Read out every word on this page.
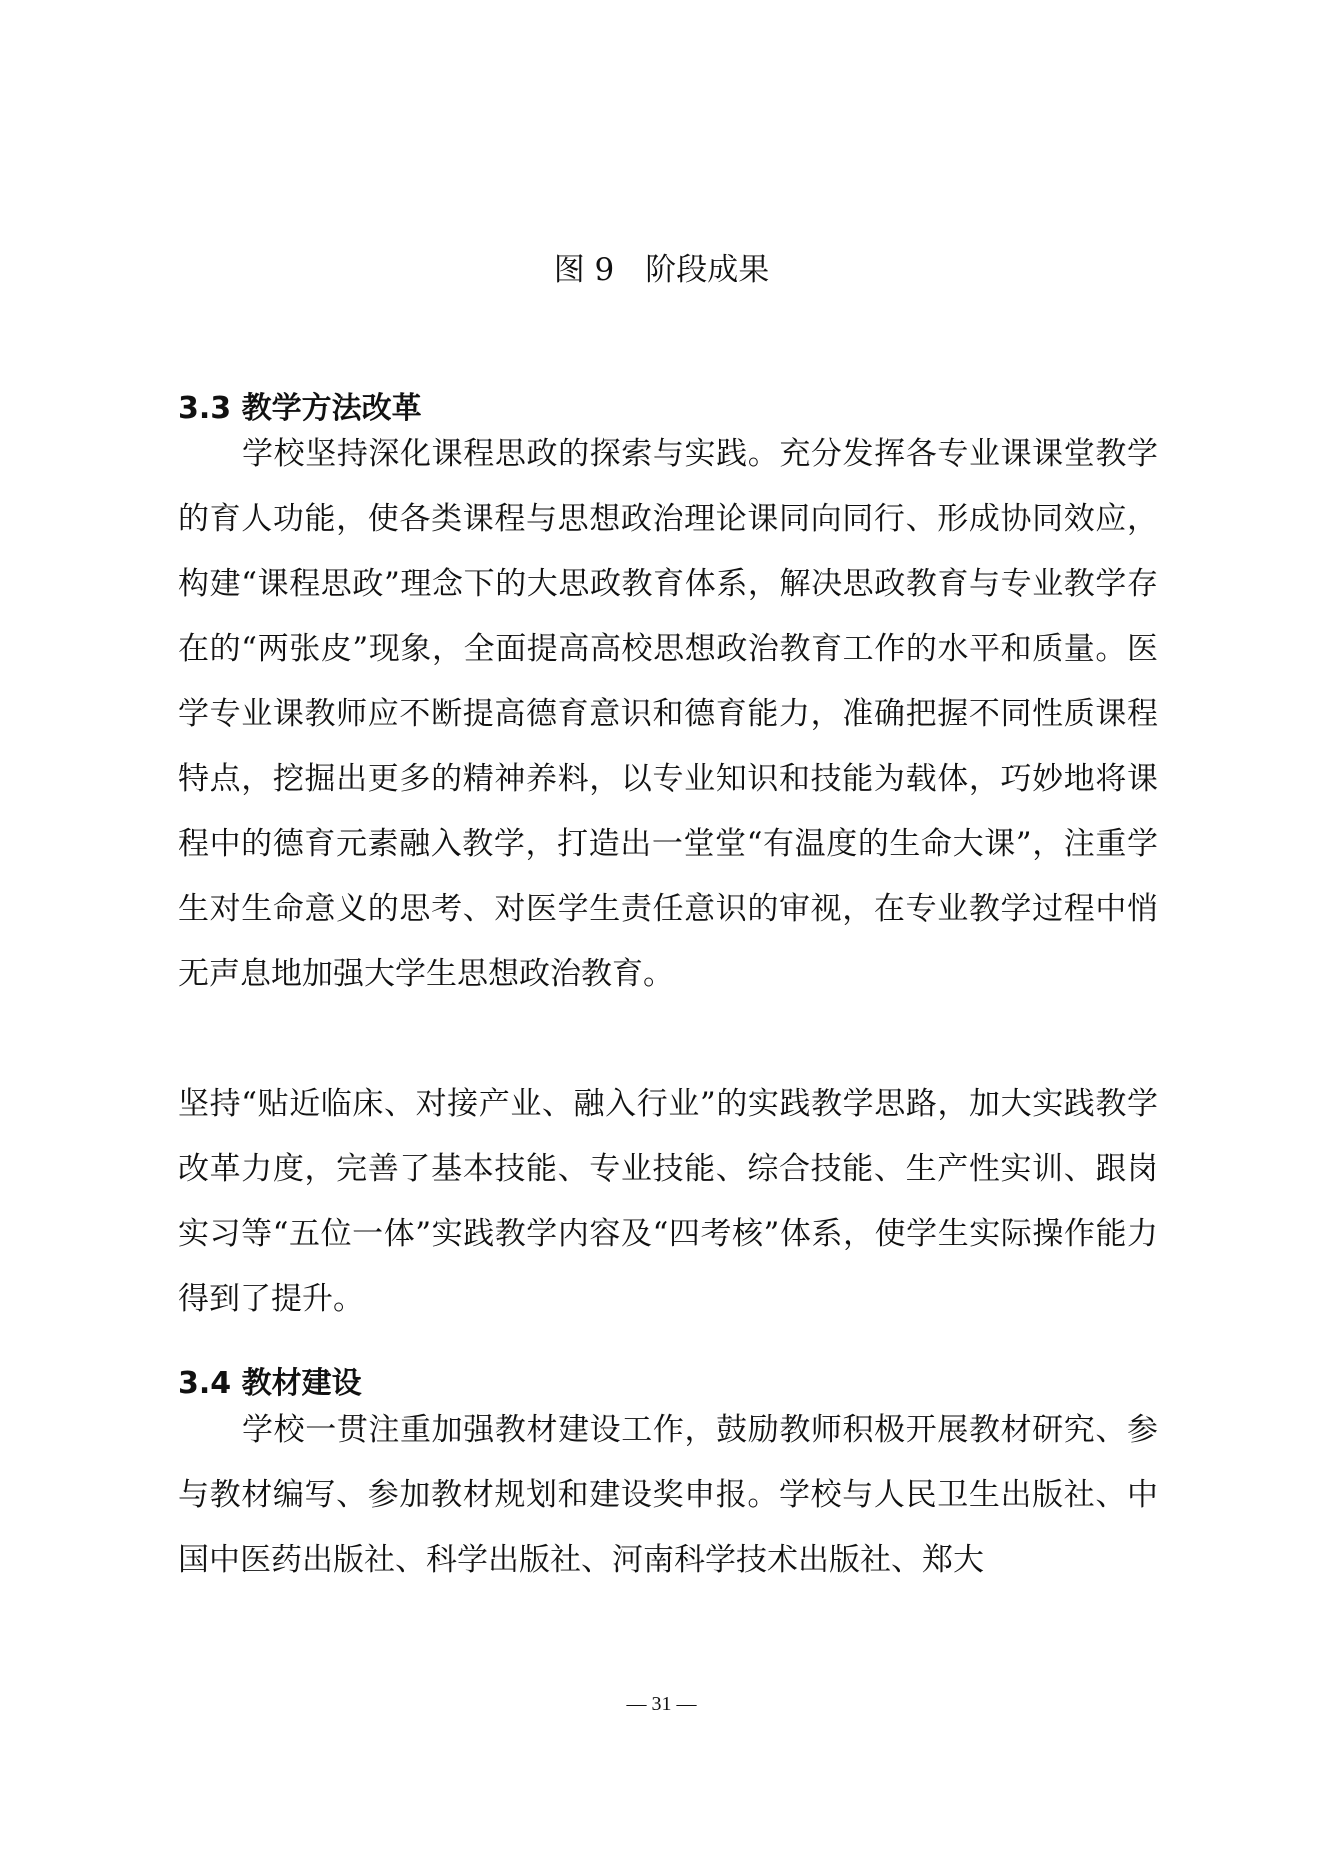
图 9　阶段成果
3.3 教学方法改革

学校坚持深化课程思政的探索与实践。充分发挥各专业课课堂教学的育人功能，使各类课程与思想政治理论课同向同行、形成协同效应，构建“课程思政”理念下的大思政教育体系，解决思政教育与专业教学存在的“两张皮”现象，全面提高高校思想政治教育工作的水平和质量。医学专业课教师应不断提高德育意识和德育能力，准确把握不同性质课程特点，挖掘出更多的精神养料，以专业知识和技能为载体，巧妙地将课程中的德育元素融入教学，打造出一堂堂“有温度的生命大课”，注重学生对生命意义的思考、对医学生责任意识的审视，在专业教学过程中悄无声息地加强大学生思想政治教育。

坚持“贴近临床、对接产业、融入行业”的实践教学思路，加大实践教学改革力度，完善了基本技能、专业技能、综合技能、生产性实训、跟岗实习等“五位一体”实践教学内容及“四考核”体系，使学生实际操作能力得到了提升。

3.4 教材建设

学校一贯注重加强教材建设工作，鼓励教师积极开展教材研究、参与教材编写、参加教材规划和建设奖申报。学校与人民卫生出版社、中国中医药出版社、科学出版社、河南科学技术出版社、郑大

— 31 —
